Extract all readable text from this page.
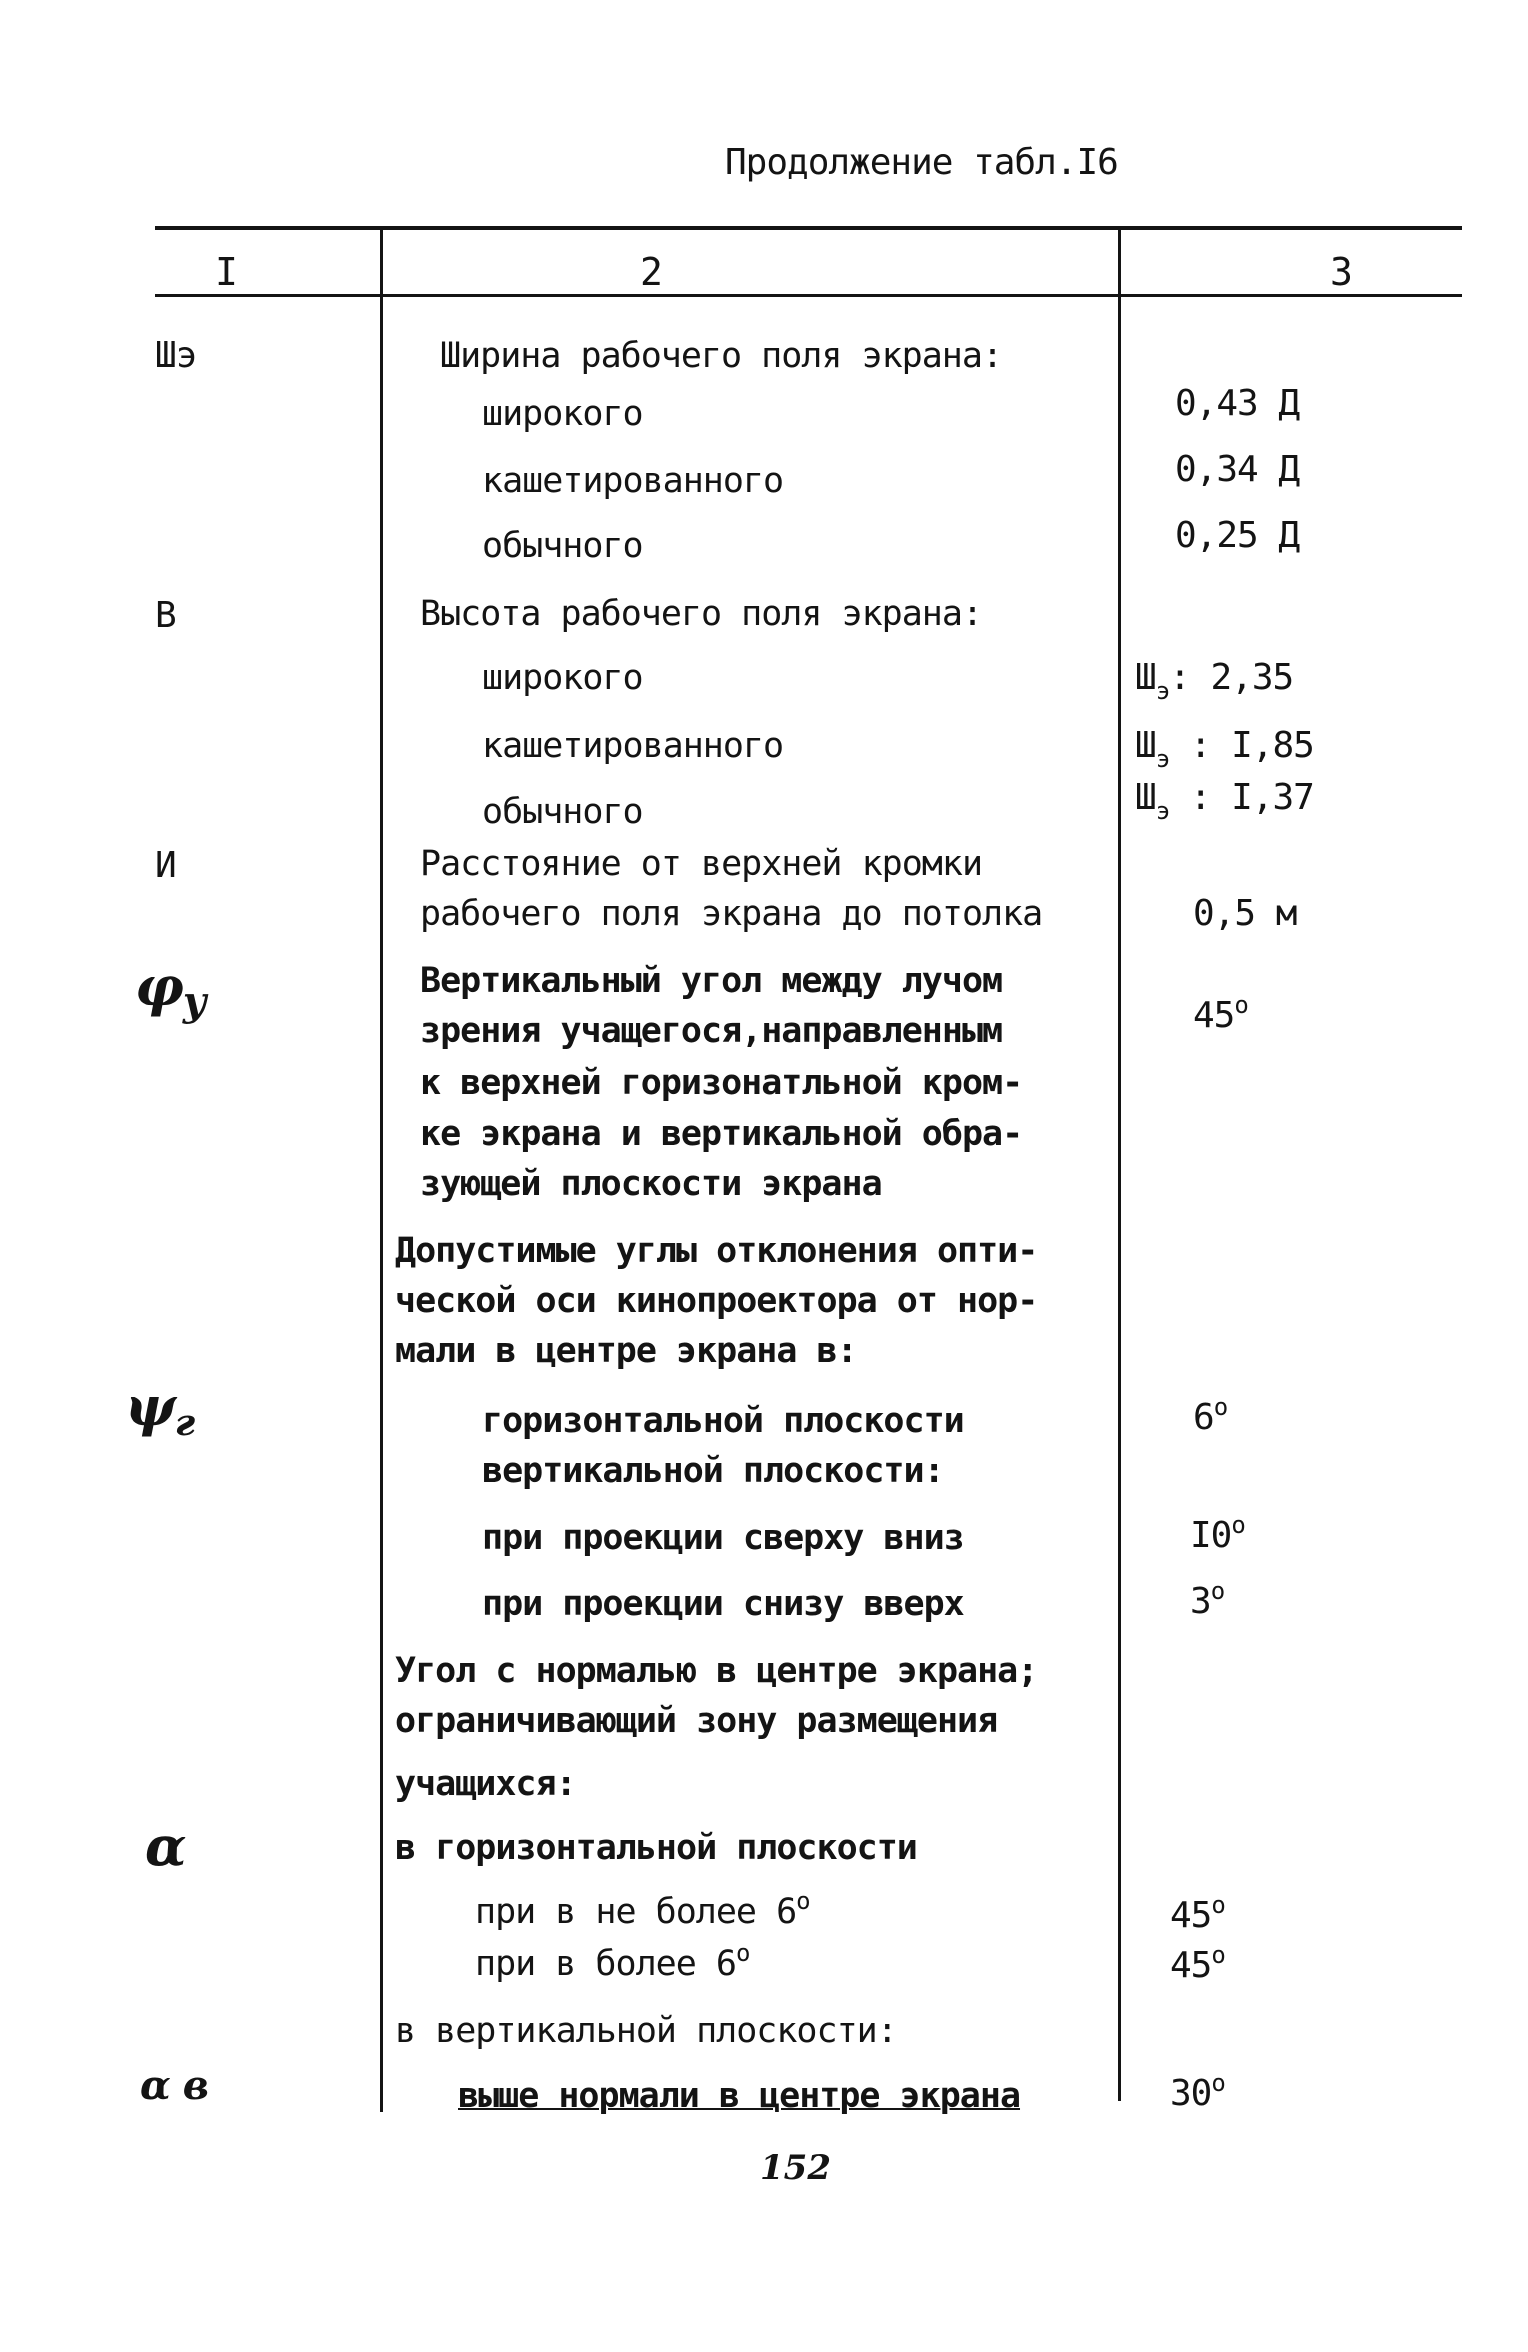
Продолжение табл.I6
I	2	3
Шэ
В
И
$\varphi_y$
$\psi_г$
α
α в
Ширина рабочего поля экрана:
широкого
кашетированного
обычного
Высота рабочего поля экрана:
широкого
кашетированного
обычного
Расстояние от верхней кромки
рабочего поля экрана до потолка
Вертикальный угол между лучом
зрения учащегося,направленным
к верхней горизонатльной кром-
ке экрана и вертикальной обра-
зующей плоскости экрана
Допустимые углы отклонения опти-
ческой оси кинопроектора от нор-
мали в центре экрана в:
горизонтальной плоскости
вертикальной плоскости:
при проекции сверху вниз
при проекции снизу вверх
Угол с нормалью в центре экрана;
ограничивающий зону размещения
учащихся:
в горизонтальной плоскости
при в не более 6$^o$
при в более 6$^o$
в вертикальной плоскости:
выше нормали в центре экрана
0,43 Д
0,34 Д
0,25 Д
$Ш_э$: 2,35
$Ш_э$ : I,85
$Ш_э$ : I,37
0,5 м
45$^o$
6$^o$
I0$^o$
3$^o$
45$^o$
45$^o$
30$^o$
152
